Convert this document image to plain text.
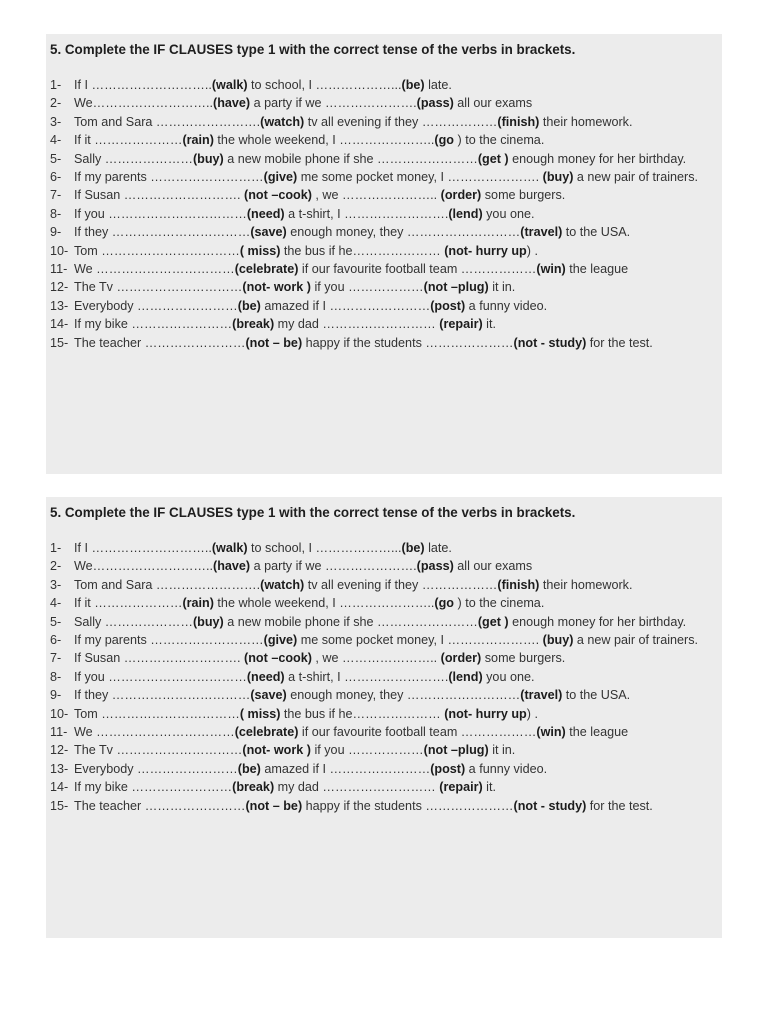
5. Complete the IF CLAUSES type 1 with the correct tense of the verbs in brackets.
1- If I ………………………..(walk) to school, I ………………...(be) late.
2- We………………………..(have) a party if we ………………….(pass) all our exams
3- Tom and Sara …………………….(watch) tv all evening if they ………………(finish) their homework.
4- If it …………………(rain) the whole weekend, I …………………..(go ) to the cinema.
5- Sally …………………(buy) a new mobile phone if she ……………………(get ) enough money for her birthday.
6- If my parents ………………………(give) me some pocket money, I …………………. (buy) a new pair of trainers.
7- If Susan ………………………. (not –cook) , we ………………….. (order) some burgers.
8- If you ……………………………(need) a t-shirt, I …………………….(lend) you one.
9- If they ……………………………(save) enough money, they ………………………(travel) to the USA.
10- Tom ……………………………( miss) the bus if he………………… (not- hurry up) .
11- We ……………………………(celebrate) if our favourite football team ………………(win) the league
12- The Tv …………………………(not- work ) if you ………………(not –plug) it in.
13- Everybody ……………………(be) amazed if I ……………………(post) a funny video.
14- If my bike ……………………(break) my dad ……………………… (repair) it.
15- The teacher ……………………(not – be) happy if the students …………………(not - study) for the test.
5. Complete the IF CLAUSES type 1 with the correct tense of the verbs in brackets.
1- If I ………………………..(walk) to school, I ………………...(be) late.
2- We………………………..(have) a party if we ………………….(pass) all our exams
3- Tom and Sara …………………….(watch) tv all evening if they ………………(finish) their homework.
4- If it …………………(rain) the whole weekend, I …………………..(go ) to the cinema.
5- Sally …………………(buy) a new mobile phone if she ……………………(get ) enough money for her birthday.
6- If my parents ………………………(give) me some pocket money, I …………………. (buy) a new pair of trainers.
7- If Susan ………………………. (not –cook) , we ………………….. (order) some burgers.
8- If you ……………………………(need) a t-shirt, I …………………….(lend) you one.
9- If they ……………………………(save) enough money, they ………………………(travel) to the USA.
10- Tom ……………………………( miss) the bus if he………………… (not- hurry up) .
11- We ……………………………(celebrate) if our favourite football team ………………(win) the league
12- The Tv …………………………(not- work ) if you ………………(not –plug) it in.
13- Everybody ……………………(be) amazed if I ……………………(post) a funny video.
14- If my bike ……………………(break) my dad ……………………… (repair) it.
15- The teacher ……………………(not – be) happy if the students …………………(not - study) for the test.
